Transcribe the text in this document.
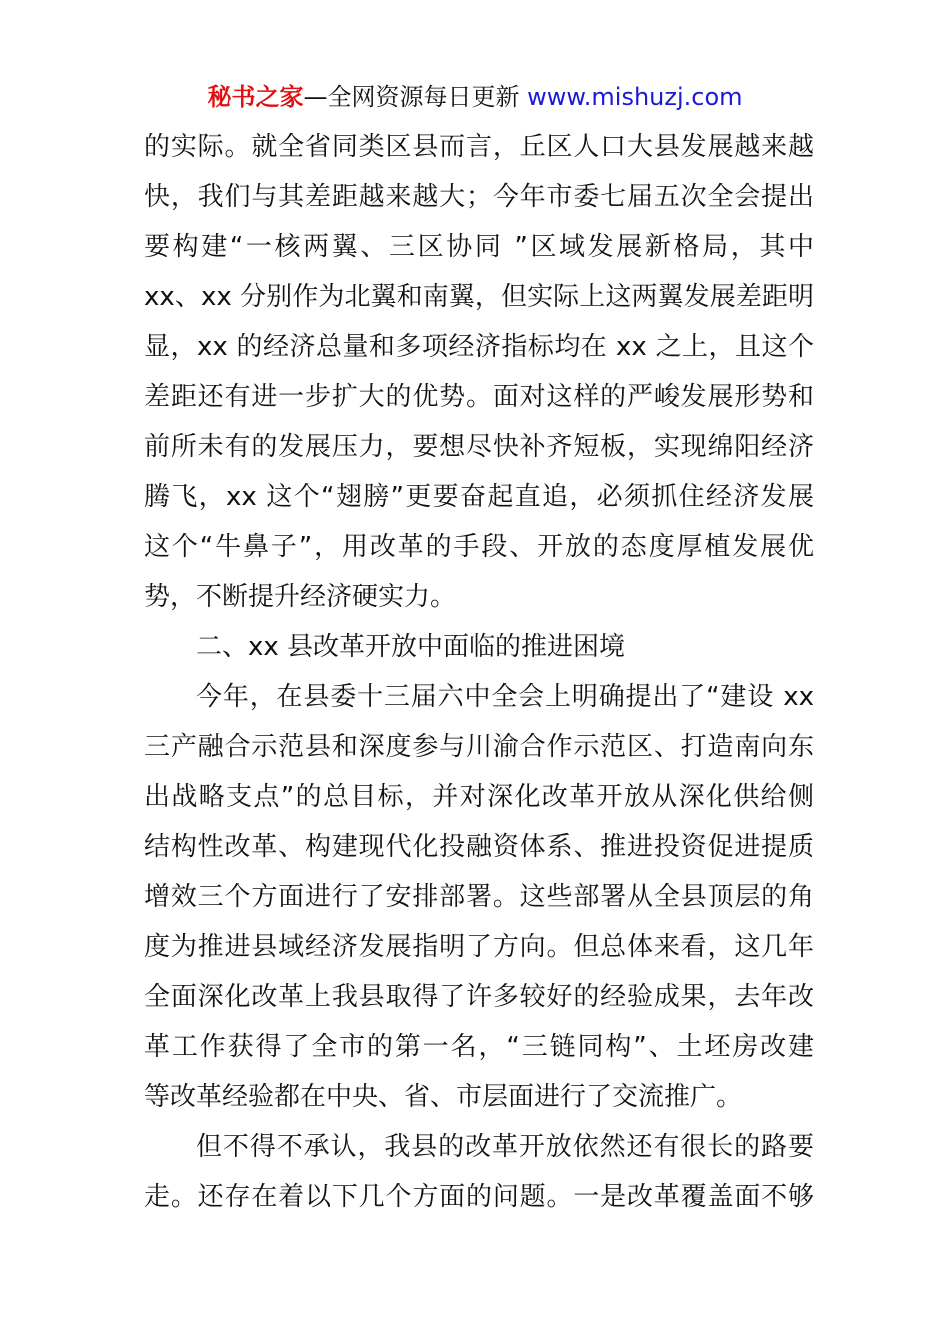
秘书之家—全网资源每日更新 www.mishuzj.com
的实际。就全省同类区县而言，丘区人口大县发展越来越
快，我们与其差距越来越大；今年市委七届五次全会提出
要构建“一核两翼、三区协同 ”区域发展新格局，其中
xx、xx 分别作为北翼和南翼，但实际上这两翼发展差距明
显，xx 的经济总量和多项经济指标均在 xx 之上，且这个
差距还有进一步扩大的优势。面对这样的严峻发展形势和
前所未有的发展压力，要想尽快补齐短板，实现绵阳经济
腾飞，xx 这个“翅膀”更要奋起直追，必须抓住经济发展
这个“牛鼻子”，用改革的手段、开放的态度厚植发展优
势，不断提升经济硬实力。
二、xx 县改革开放中面临的推进困境
今年，在县委十三届六中全会上明确提出了“建设 xx
三产融合示范县和深度参与川渝合作示范区、打造南向东
出战略支点”的总目标，并对深化改革开放从深化供给侧
结构性改革、构建现代化投融资体系、推进投资促进提质
增效三个方面进行了安排部署。这些部署从全县顶层的角
度为推进县域经济发展指明了方向。但总体来看，这几年
全面深化改革上我县取得了许多较好的经验成果，去年改
革工作获得了全市的第一名，“三链同构”、土坯房改建
等改革经验都在中央、省、市层面进行了交流推广。
但不得不承认，我县的改革开放依然还有很长的路要
走。还存在着以下几个方面的问题。一是改革覆盖面不够
